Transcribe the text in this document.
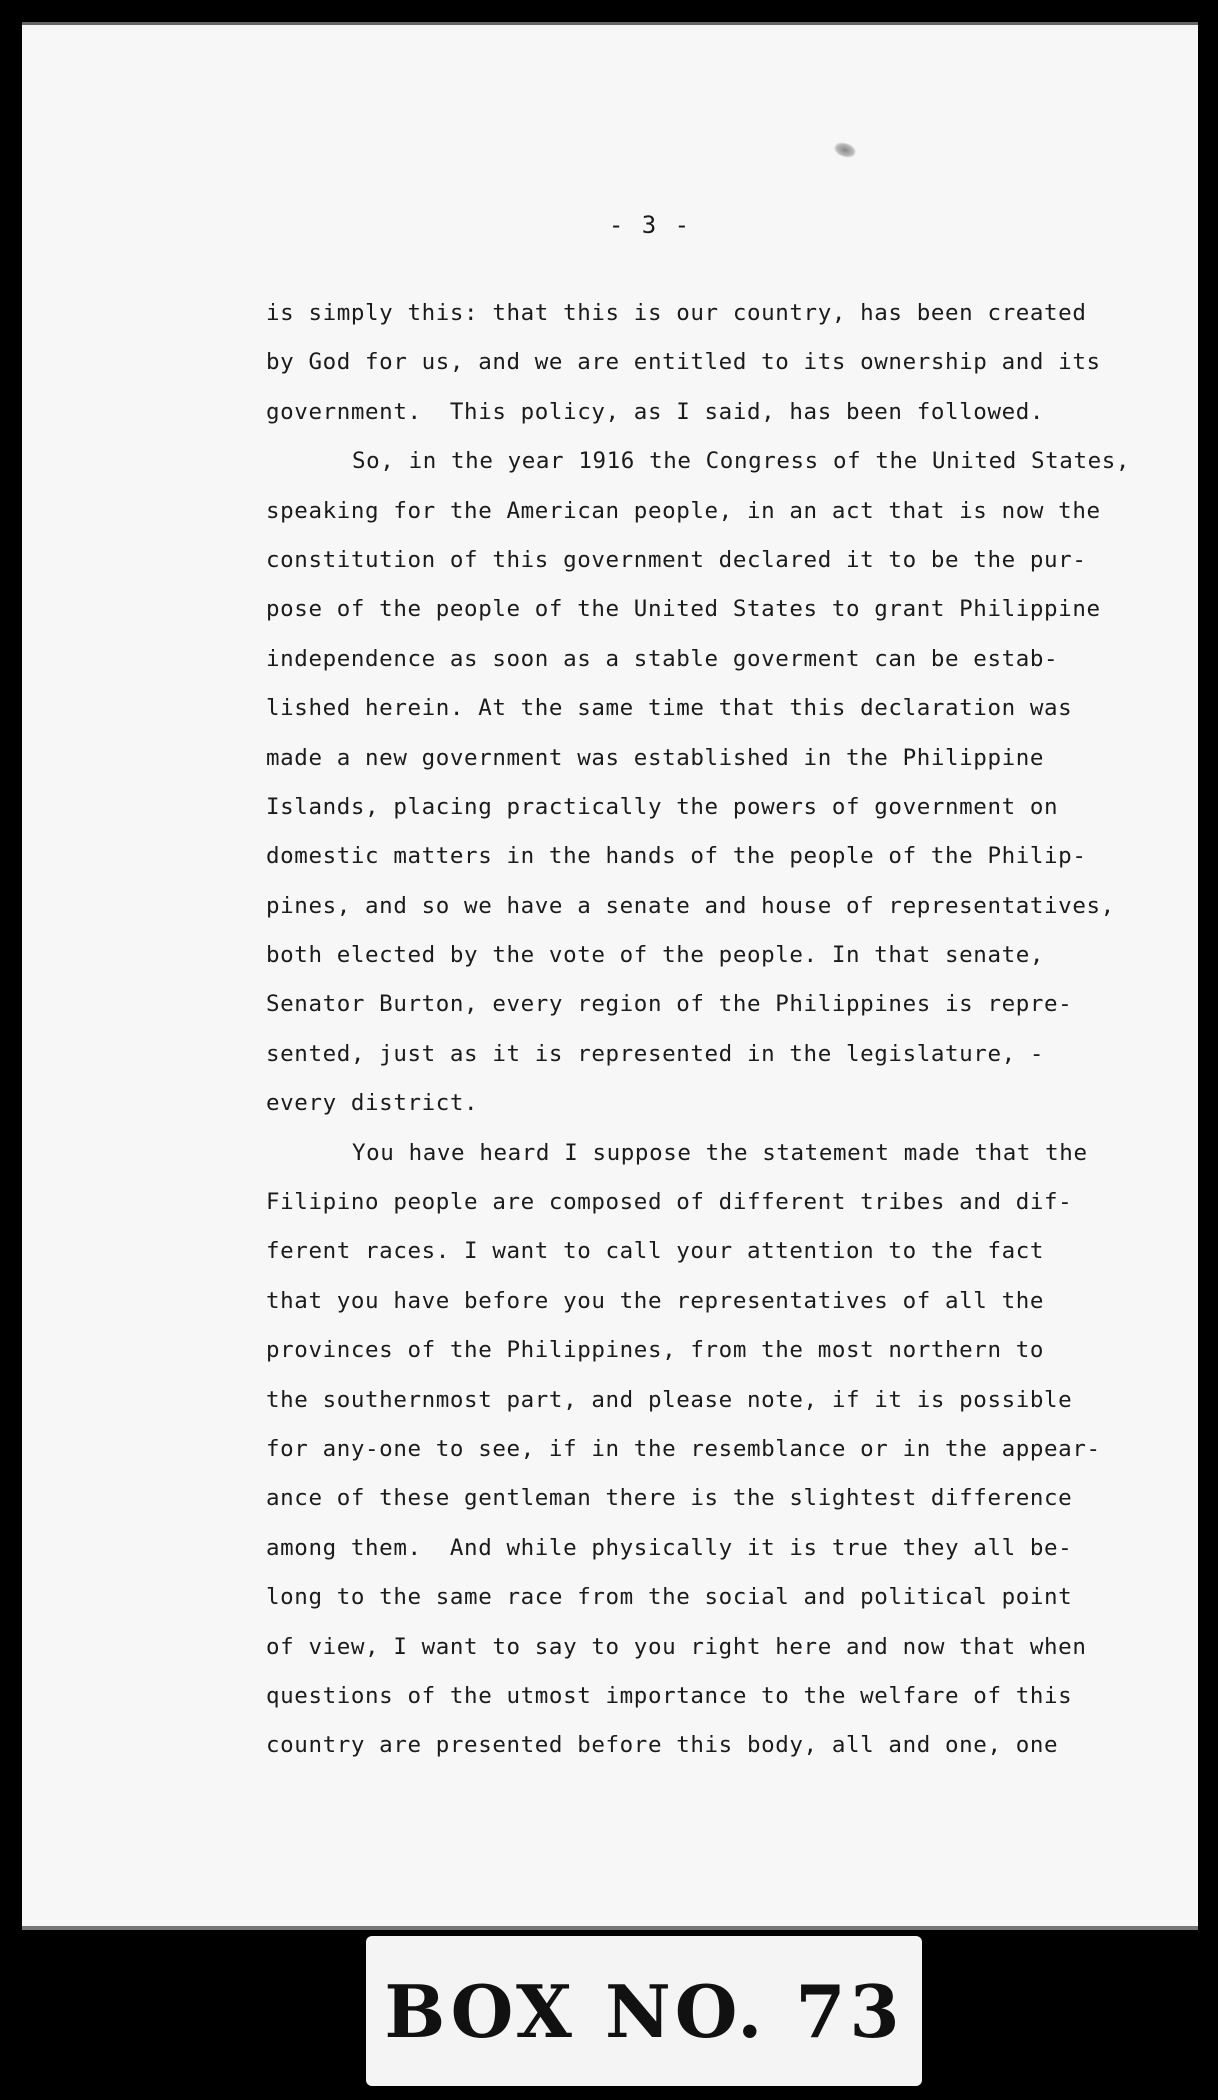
- 3 -
is simply this: that this is our country, has been created
by God for us, and we are entitled to its ownership and its
government.  This policy, as I said, has been followed.
So, in the year 1916 the Congress of the United States,
speaking for the American people, in an act that is now the
constitution of this government declared it to be the pur-
pose of the people of the United States to grant Philippine
independence as soon as a stable goverment can be estab-
lished herein. At the same time that this declaration was
made a new government was established in the Philippine
Islands, placing practically the powers of government on
domestic matters in the hands of the people of the Philip-
pines, and so we have a senate and house of representatives,
both elected by the vote of the people. In that senate,
Senator Burton, every region of the Philippines is repre-
sented, just as it is represented in the legislature, -
every district.
You have heard I suppose the statement made that the
Filipino people are composed of different tribes and dif-
ferent races. I want to call your attention to the fact
that you have before you the representatives of all the
provinces of the Philippines, from the most northern to
the southernmost part, and please note, if it is possible
for any-one to see, if in the resemblance or in the appear-
ance of these gentleman there is the slightest difference
among them.  And while physically it is true they all be-
long to the same race from the social and political point
of view, I want to say to you right here and now that when
questions of the utmost importance to the welfare of this
country are presented before this body, all and one, one
BOX NO. 73
